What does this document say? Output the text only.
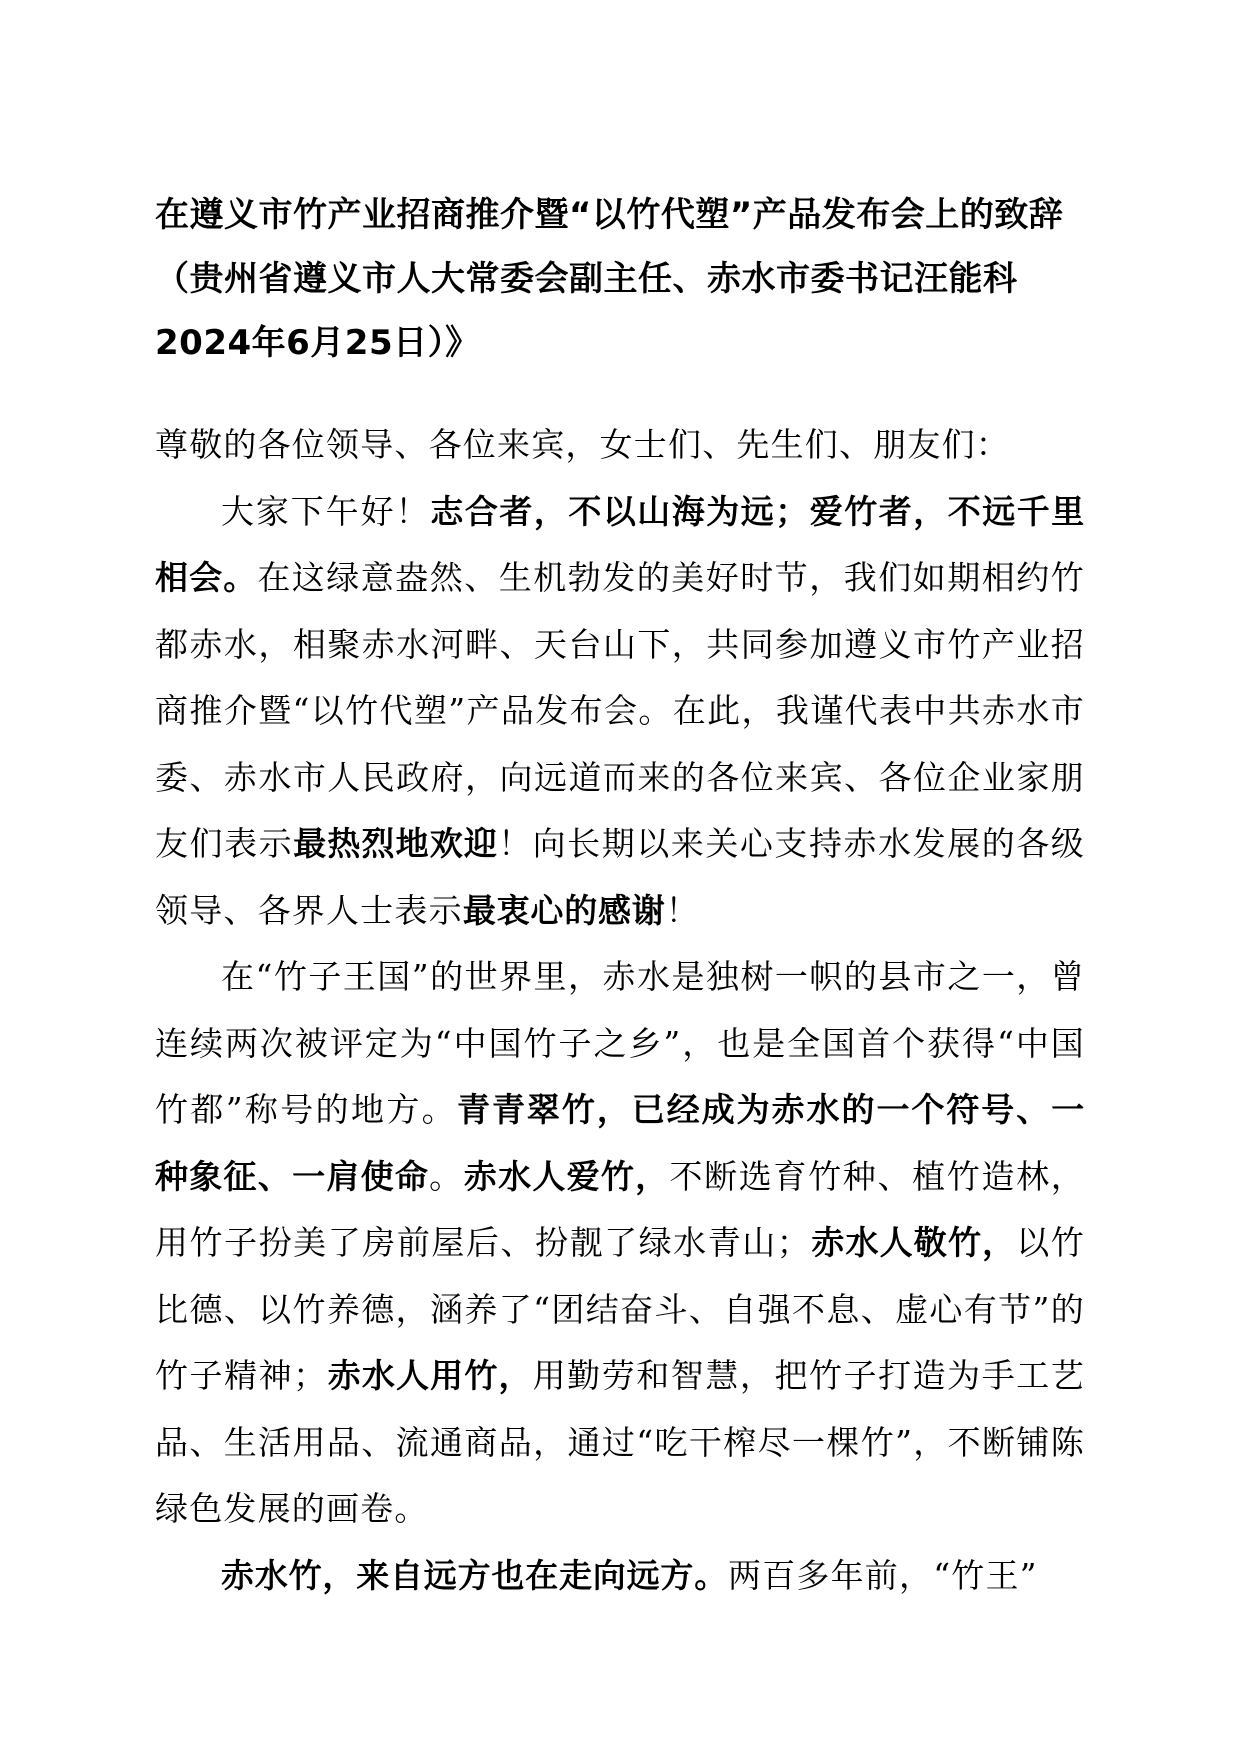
在遵义市竹产业招商推介暨“以竹代塑”产品发布会上的致辞
（贵州省遵义市人大常委会副主任、赤水市委书记汪能科
2024年6月25日）》

尊敬的各位领导、各位来宾，女士们、先生们、朋友们：

大家下午好！志合者，不以山海为远；爱竹者，不远千里相会。在这绿意盎然、生机勃发的美好时节，我们如期相约竹都赤水，相聚赤水河畔、天台山下，共同参加遵义市竹产业招商推介暨“以竹代塑”产品发布会。在此，我谨代表中共赤水市委、赤水市人民政府，向远道而来的各位来宾、各位企业家朋友们表示最热烈地欢迎！向长期以来关心支持赤水发展的各级领导、各界人士表示最衷心的感谢！

在“竹子王国”的世界里，赤水是独树一帜的县市之一，曾连续两次被评定为“中国竹子之乡”，也是全国首个获得“中国竹都”称号的地方。青青翠竹，已经成为赤水的一个符号、一种象征、一肩使命。赤水人爱竹，不断选育竹种、植竹造林，用竹子扮美了房前屋后、扮靓了绿水青山；赤水人敬竹，以竹比德、以竹养德，涵养了“团结奋斗、自强不息、虚心有节”的竹子精神；赤水人用竹，用勤劳和智慧，把竹子打造为手工艺品、生活用品、流通商品，通过“吃干榨尽一棵竹”，不断铺陈绿色发展的画卷。

赤水竹，来自远方也在走向远方。两百多年前，“竹王”
